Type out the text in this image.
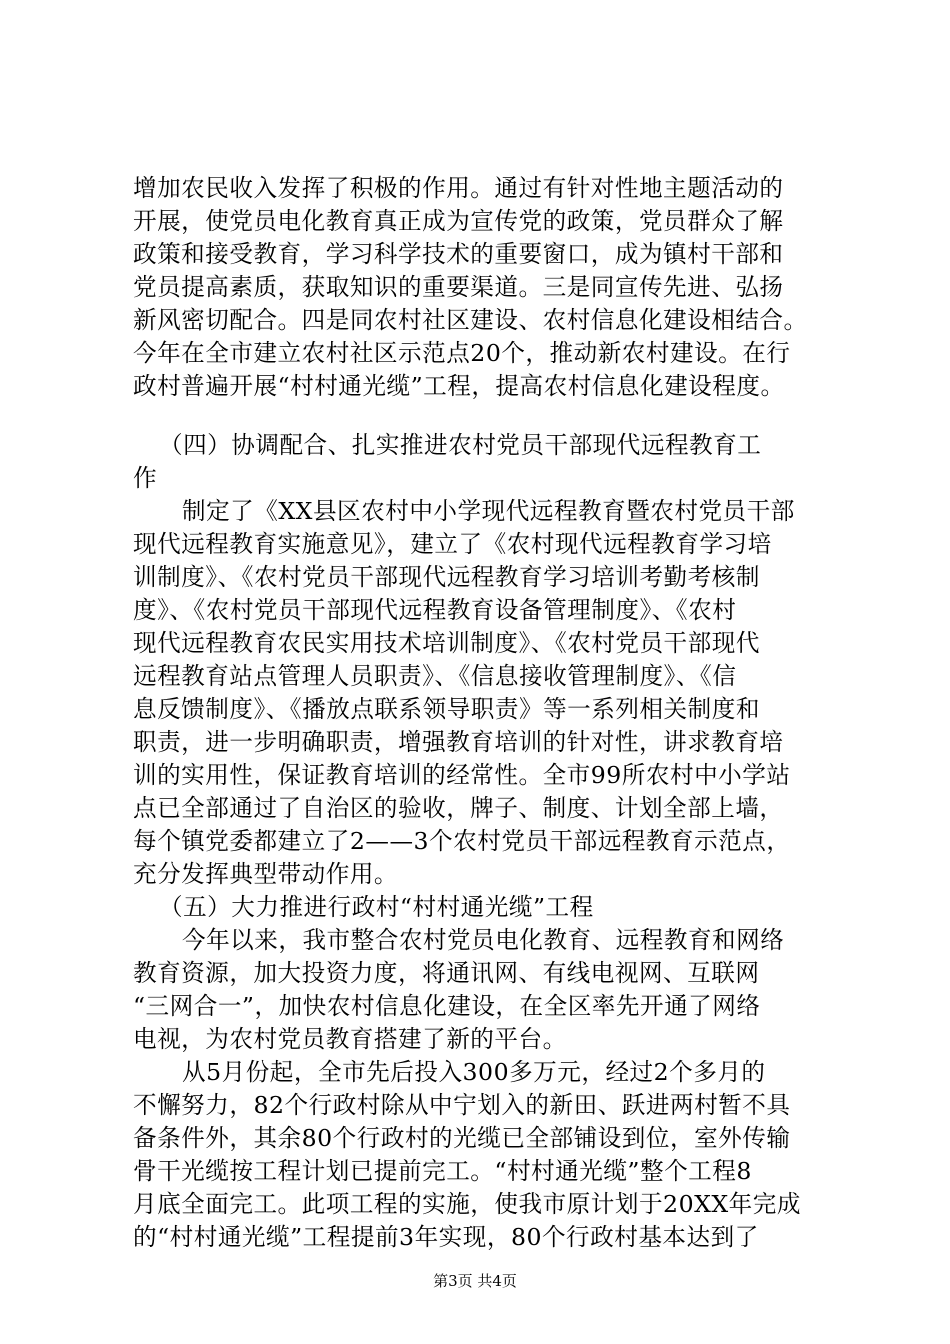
增加农民收入发挥了积极的作用。通过有针对性地主题活动的
开展，使党员电化教育真正成为宣传党的政策，党员群众了解
政策和接受教育，学习科学技术的重要窗口，成为镇村干部和
党员提高素质，获取知识的重要渠道。三是同宣传先进、弘扬
新风密切配合。四是同农村社区建设、农村信息化建设相结合。
今年在全市建立农村社区示范点20个，推动新农村建设。在行
政村普遍开展“村村通光缆”工程，提高农村信息化建设程度。
（四）协调配合、扎实推进农村党员干部现代远程教育工
作
制定了《XX县区农村中小学现代远程教育暨农村党员干部
现代远程教育实施意见》，建立了《农村现代远程教育学习培
训制度》、《农村党员干部现代远程教育学习培训考勤考核制
度》、《农村党员干部现代远程教育设备管理制度》、《农村
现代远程教育农民实用技术培训制度》、《农村党员干部现代
远程教育站点管理人员职责》、《信息接收管理制度》、《信
息反馈制度》、《播放点联系领导职责》等一系列相关制度和
职责，进一步明确职责，增强教育培训的针对性，讲求教育培
训的实用性，保证教育培训的经常性。全市99所农村中小学站
点已全部通过了自治区的验收，牌子、制度、计划全部上墙，
每个镇党委都建立了2——3个农村党员干部远程教育示范点，
充分发挥典型带动作用。
（五）大力推进行政村“村村通光缆”工程
今年以来，我市整合农村党员电化教育、远程教育和网络
教育资源，加大投资力度，将通讯网、有线电视网、互联网
“三网合一”，加快农村信息化建设，在全区率先开通了网络
电视，为农村党员教育搭建了新的平台。
从5月份起，全市先后投入300多万元，经过2个多月的
不懈努力，82个行政村除从中宁划入的新田、跃进两村暂不具
备条件外，其余80个行政村的光缆已全部铺设到位，室外传输
骨干光缆按工程计划已提前完工。“村村通光缆”整个工程8
月底全面完工。此项工程的实施，使我市原计划于20XX年完成
的“村村通光缆”工程提前3年实现，80个行政村基本达到了
第3页 共4页
